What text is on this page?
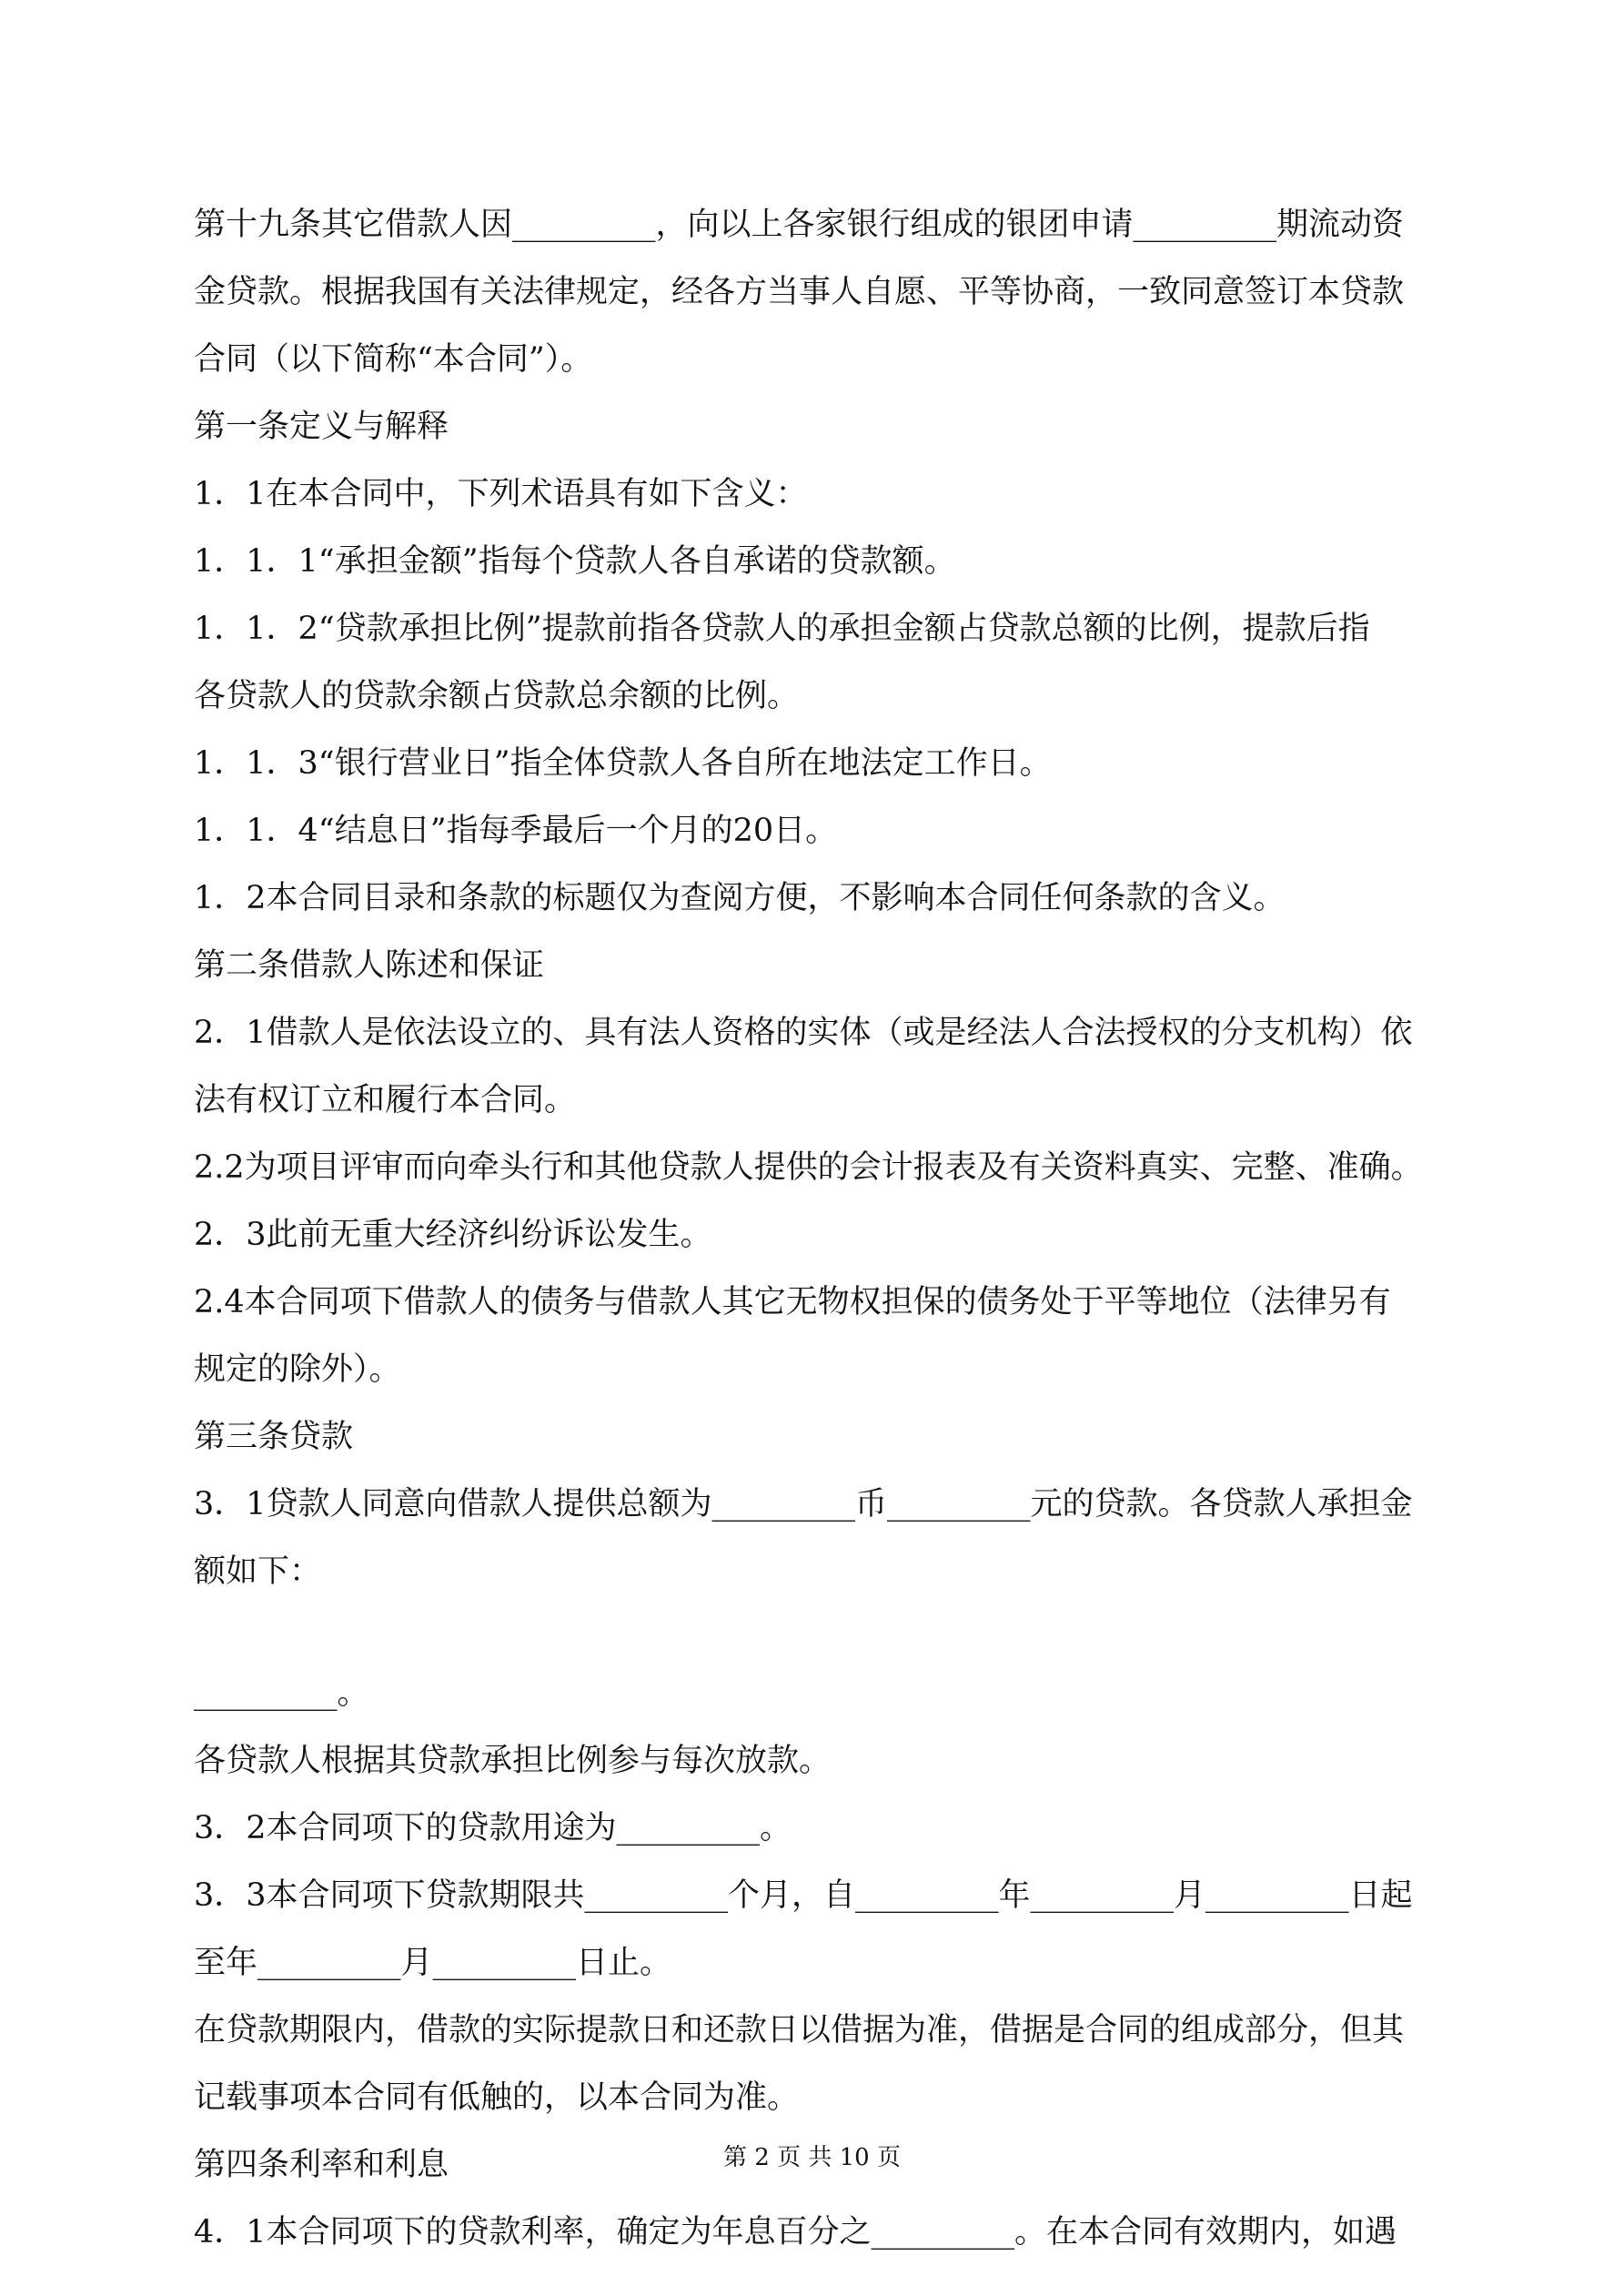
第十九条其它借款人因_________，向以上各家银行组成的银团申请_________期流动资

金贷款。根据我国有关法律规定，经各方当事人自愿、平等协商，一致同意签订本贷款

合同（以下简称“本合同”）。

第一条定义与解释

1．1在本合同中，下列术语具有如下含义：

1．1．1“承担金额”指每个贷款人各自承诺的贷款额。

1．1．2“贷款承担比例”提款前指各贷款人的承担金额占贷款总额的比例，提款后指

各贷款人的贷款余额占贷款总余额的比例。

1．1．3“银行营业日”指全体贷款人各自所在地法定工作日。

1．1．4“结息日”指每季最后一个月的20日。

1．2本合同目录和条款的标题仅为查阅方便，不影响本合同任何条款的含义。

第二条借款人陈述和保证

2．1借款人是依法设立的、具有法人资格的实体（或是经法人合法授权的分支机构）依

法有权订立和履行本合同。

2.2为项目评审而向牵头行和其他贷款人提供的会计报表及有关资料真实、完整、准确。

2．3此前无重大经济纠纷诉讼发生。

2.4本合同项下借款人的债务与借款人其它无物权担保的债务处于平等地位（法律另有

规定的除外）。

第三条贷款

3．1贷款人同意向借款人提供总额为_________币_________元的贷款。各贷款人承担金

额如下：

_________。

各贷款人根据其贷款承担比例参与每次放款。

3．2本合同项下的贷款用途为_________。

3．3本合同项下贷款期限共_________个月，自_________年_________月_________日起

至年_________月_________日止。

在贷款期限内，借款的实际提款日和还款日以借据为准，借据是合同的组成部分，但其

记载事项本合同有低触的，以本合同为准。

第四条利率和利息

4．1本合同项下的贷款利率，确定为年息百分之_________。在本合同有效期内，如遇

第 2 页 共 10 页
